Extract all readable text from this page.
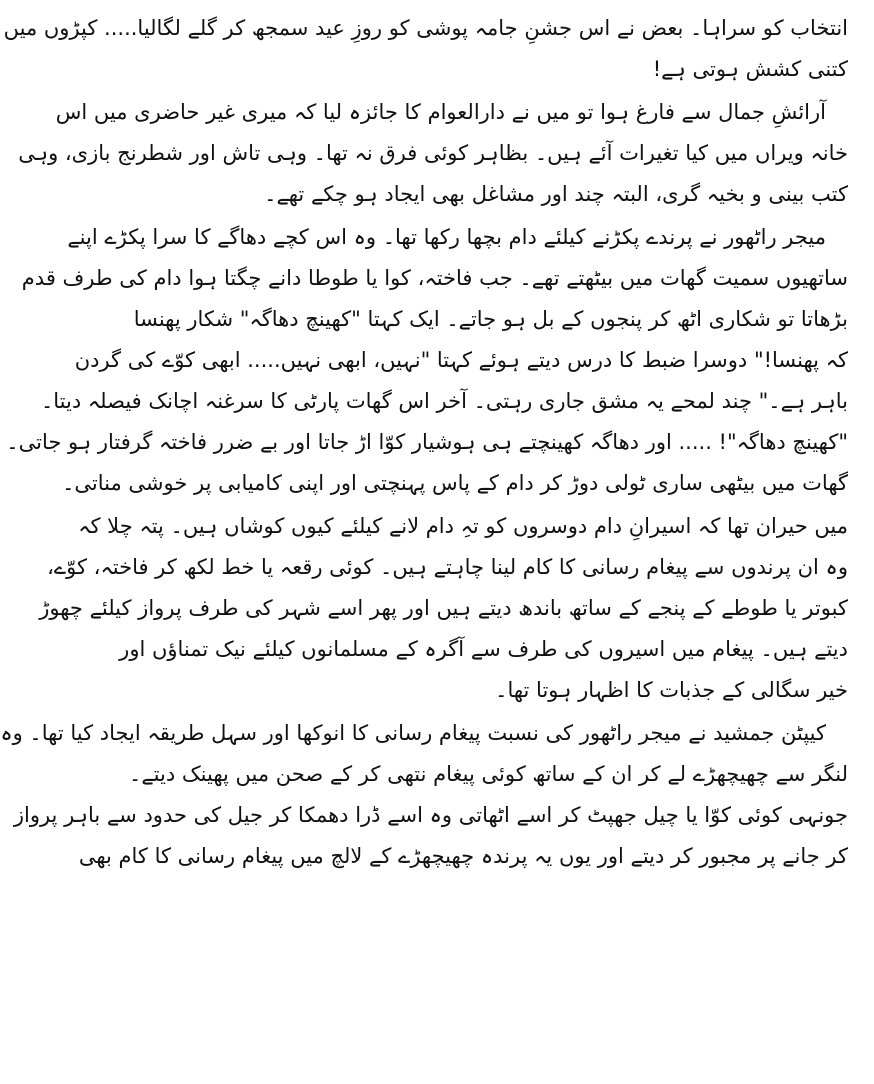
انتخاب کو سراہا۔ بعض نے اس جشنِ جامہ پوشی کو روزِ عید سمجھ کر گلے لگالیا..... کپڑوں میں
کتنی کشش ہوتی ہے!
آرائشِ جمال سے فارغ ہوا تو میں نے دارالعوام کا جائزہ لیا کہ میری غیر حاضری میں اس
خانہ ویراں میں کیا تغیرات آئے ہیں۔ بظاہر کوئی فرق نہ تھا۔ وہی تاش اور شطرنج بازی، وہی
کتب بینی و بخیہ گری، البتہ چند اور مشاغل بھی ایجاد ہو چکے تھے۔
میجر راٹھور نے پرندے پکڑنے کیلئے دام بچھا رکھا تھا۔ وہ اس کچے دھاگے کا سرا پکڑے اپنے
ساتھیوں سمیت گھات میں بیٹھتے تھے۔ جب فاختہ، کوا یا طوطا دانے چگتا ہوا دام کی طرف قدم
بڑھاتا تو شکاری اٹھ کر پنجوں کے بل ہو جاتے۔ ایک کہتا "کھینچ دھاگہ" شکار پھنسا
کہ پھنسا!" دوسرا ضبط کا درس دیتے ہوئے کہتا "نہیں، ابھی نہیں..... ابھی کوّے کی گردن
باہر ہے۔" چند لمحے یہ مشق جاری رہتی۔ آخر اس گھات پارٹی کا سرغنہ اچانک فیصلہ دیتا۔
"کھینچ دھاگہ"! ..... اور دھاگہ کھینچتے ہی ہوشیار کوّا اڑ جاتا اور بے ضرر فاختہ گرفتار ہو جاتی۔
گھات میں بیٹھی ساری ٹولی دوڑ کر دام کے پاس پہنچتی اور اپنی کامیابی پر خوشی مناتی۔
میں حیران تھا کہ اسیرانِ دام دوسروں کو تہِ دام لانے کیلئے کیوں کوشاں ہیں۔ پتہ چلا کہ
وہ ان پرندوں سے پیغام رسانی کا کام لینا چاہتے ہیں۔ کوئی رقعہ یا خط لکھ کر فاختہ، کوّے،
کبوتر یا طوطے کے پنجے کے ساتھ باندھ دیتے ہیں اور پھر اسے شہر کی طرف پرواز کیلئے چھوڑ
دیتے ہیں۔ پیغام میں اسیروں کی طرف سے آگرہ کے مسلمانوں کیلئے نیک تمناؤں اور
خیر سگالی کے جذبات کا اظہار ہوتا تھا۔
کیپٹن جمشید نے میجر راٹھور کی نسبت پیغام رسانی کا انوکھا اور سہل طریقہ ایجاد کیا تھا۔ وہ
لنگر سے چھیچھڑے لے کر ان کے ساتھ کوئی پیغام نتھی کر کے صحن میں پھینک دیتے۔
جونہی کوئی کوّا یا چیل جھپٹ کر اسے اٹھاتی وہ اسے ڈرا دھمکا کر جیل کی حدود سے باہر پرواز
کر جانے پر مجبور کر دیتے اور یوں یہ پرندہ چھیچھڑے کے لالچ میں پیغام رسانی کا کام بھی
